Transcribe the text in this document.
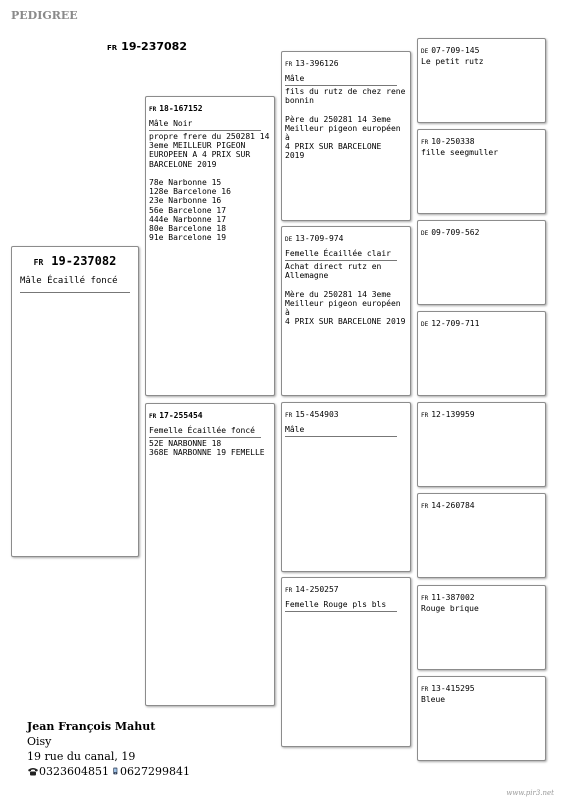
PEDIGREE
FR 19-237082
FR 19-237082
Mâle Écaillé foncé
FR 18-167152
Mâle Noir
propre frere du 250281 14
3eme MEILLEUR PIGEON
EUROPEEN A 4 PRIX SUR
BARCELONE 2019

78e Narbonne 15
128e Barcelone 16
23e Narbonne 16
56e Barcelone 17
444e Narbonne 17
80e Barcelone 18
91e Barcelone 19
FR 17-255454
Femelle Écaillée foncé
52E NARBONNE 18
368E NARBONNE 19 FEMELLE
FR 13-396126
Mâle
fils du rutz de chez rene
bonnin

Père du 250281 14 3eme
Meilleur pigeon européen à
4 PRIX SUR BARCELONE  2019
DE 13-709-974
Femelle Écaillée clair
Achat direct rutz en
Allemagne

Mère du 250281 14 3eme
Meilleur pigeon européen à
4 PRIX SUR BARCELONE 2019
FR 15-454903
Mâle
FR 14-250257
Femelle Rouge pls bls
DE 07-709-145
Le petit rutz
FR 10-250338
fille seegmuller
DE 09-709-562
DE 12-709-711
FR 12-139959
FR 14-260784
FR 11-387002
Rouge brique
FR 13-415295
Bleue
Jean François Mahut
Oisy
19 rue du canal, 19
0323604851 0627299841
www.pir3.net
